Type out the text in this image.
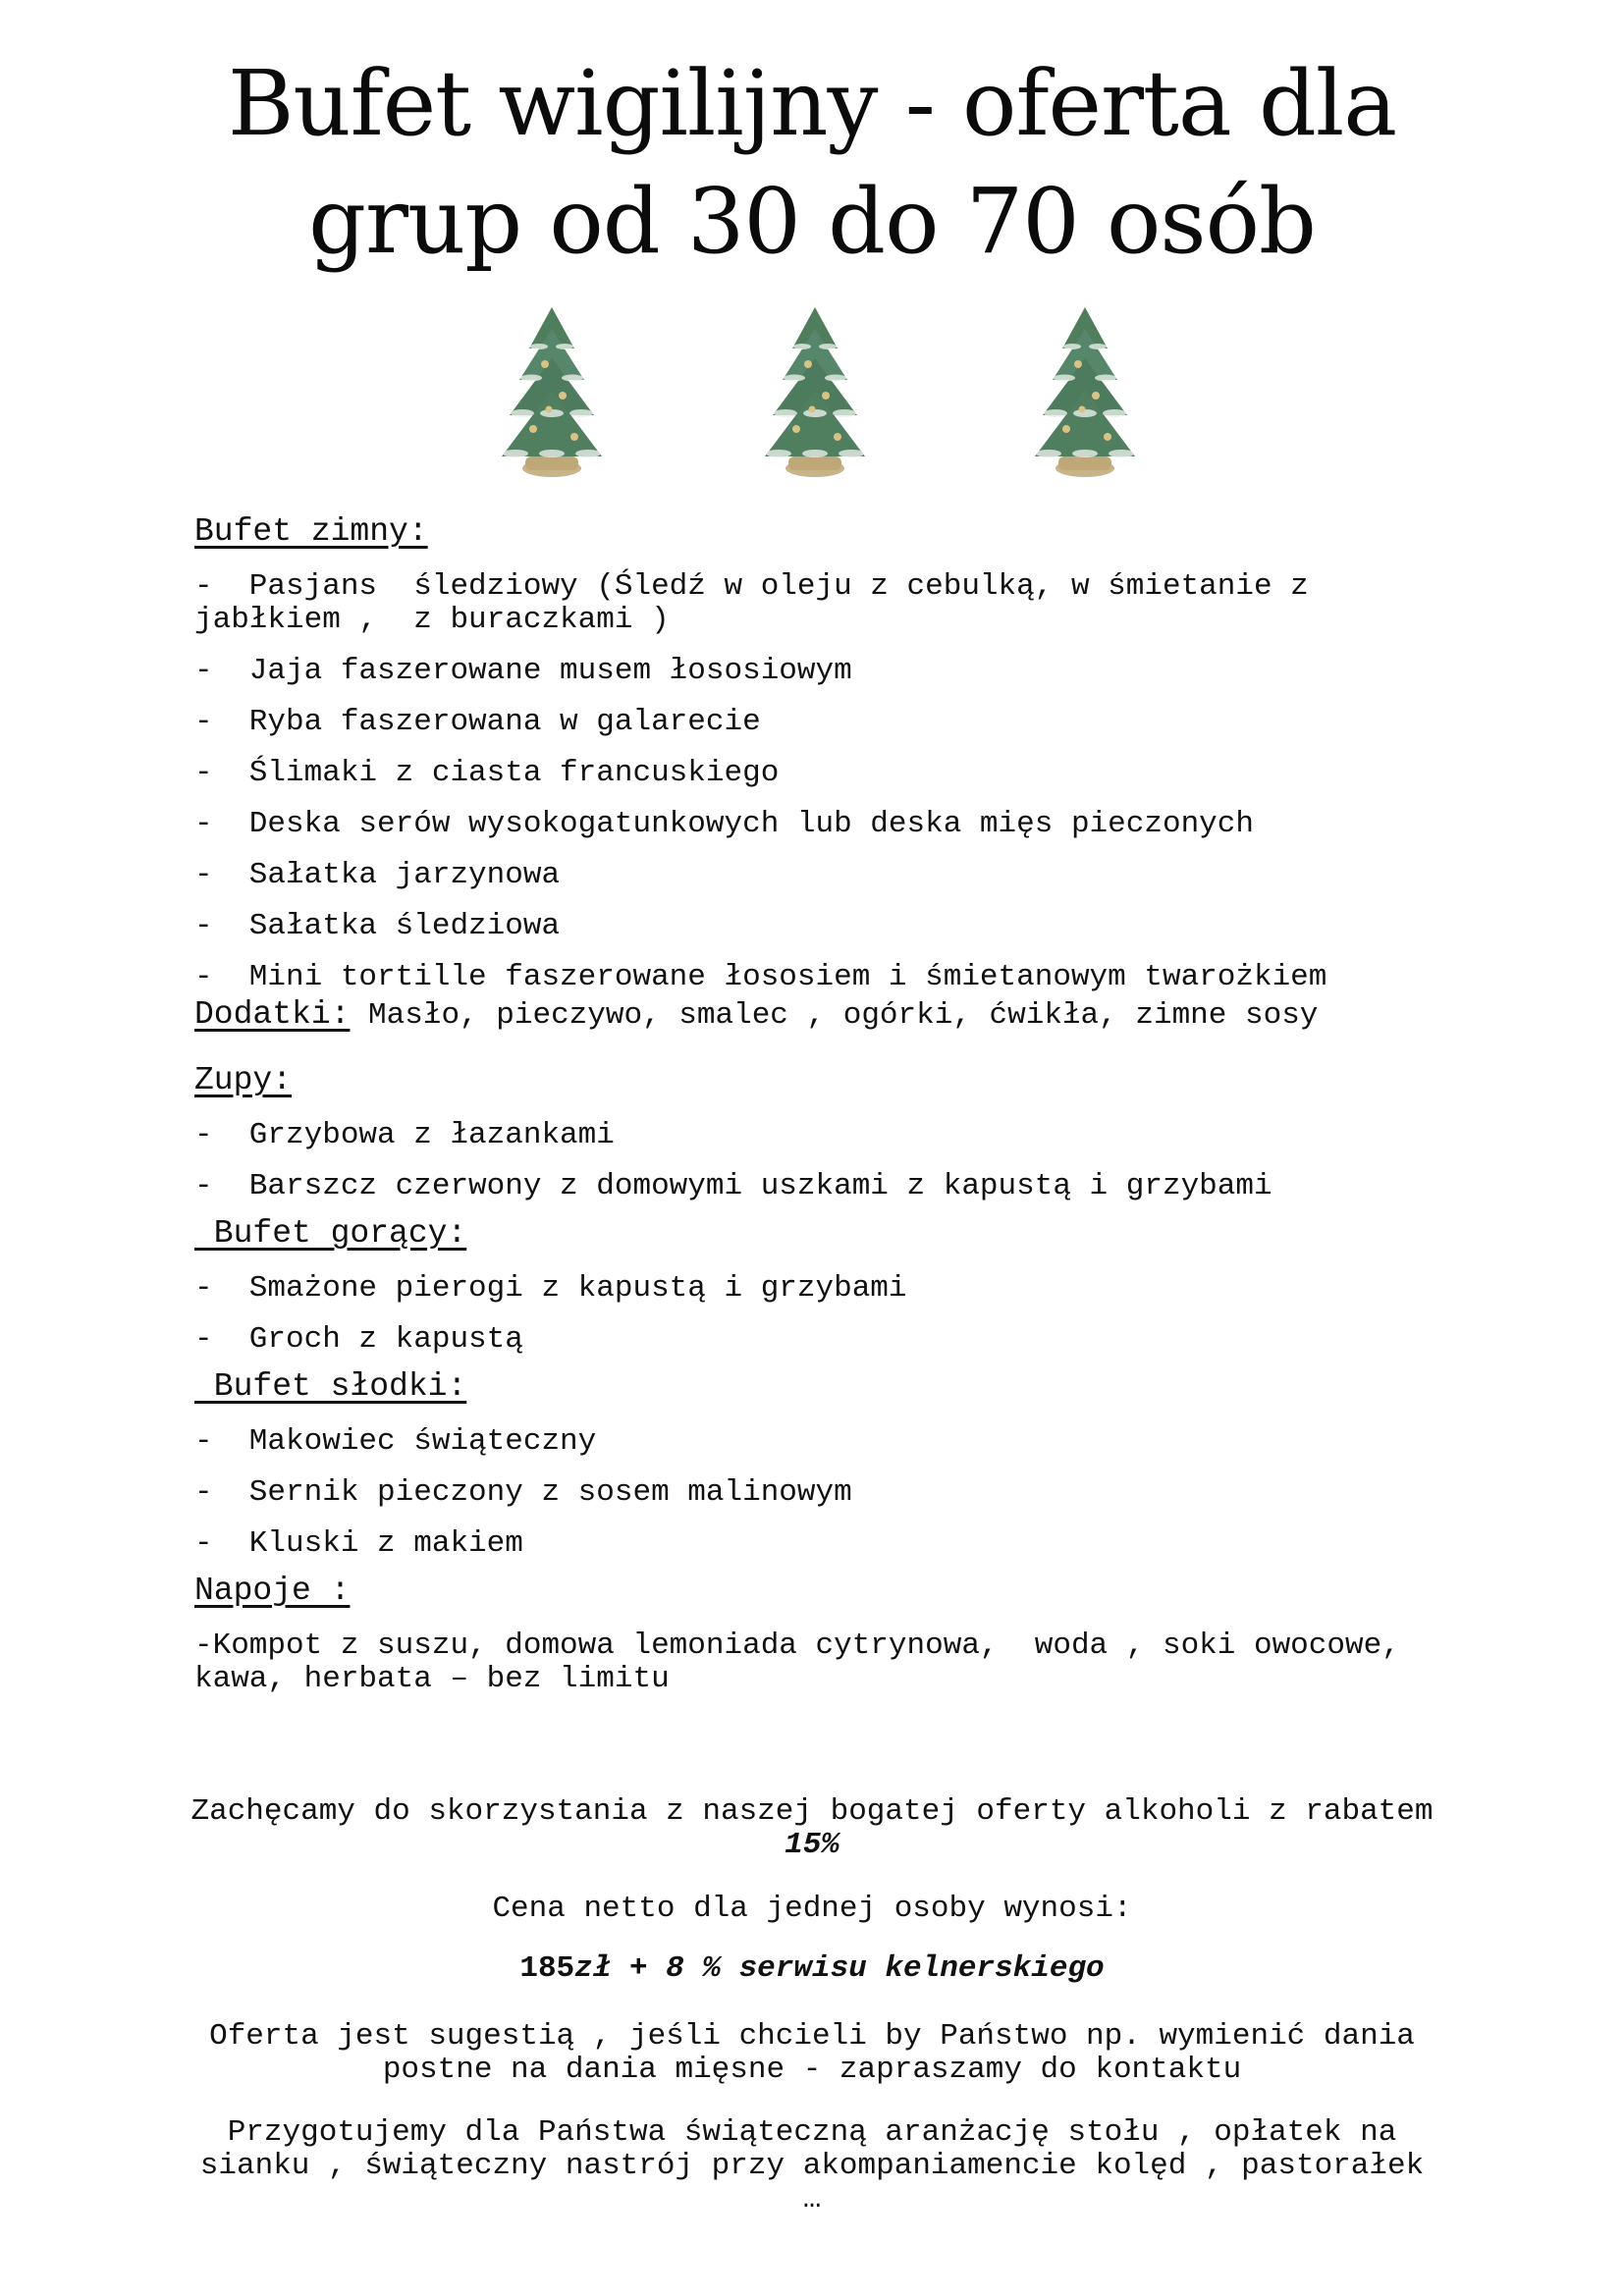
Bufet wigilijny - oferta dla
grup od 30 do 70 osób
Bufet zimny:
-  Pasjans  śledziowy (Śledź w oleju z cebulką, w śmietanie z jabłkiem ,  z buraczkami )
-  Jaja faszerowane musem łososiowym
-  Ryba faszerowana w galarecie
-  Ślimaki z ciasta francuskiego
-  Deska serów wysokogatunkowych lub deska mięs pieczonych
-  Sałatka jarzynowa
-  Sałatka śledziowa
-  Mini tortille faszerowane łososiem i śmietanowym twarożkiem
Dodatki: Masło, pieczywo, smalec , ogórki, ćwikła, zimne sosy
Zupy:
-  Grzybowa z łazankami
-  Barszcz czerwony z domowymi uszkami z kapustą i grzybami
Bufet gorący:
-  Smażone pierogi z kapustą i grzybami
-  Groch z kapustą
Bufet słodki:
-  Makowiec świąteczny
-  Sernik pieczony z sosem malinowym
-  Kluski z makiem
Napoje :
-Kompot z suszu, domowa lemoniada cytrynowa,  woda , soki owocowe, kawa, herbata – bez limitu
Zachęcamy do skorzystania z naszej bogatej oferty alkoholi z rabatem
15%
Cena netto dla jednej osoby wynosi:
185zł + 8 % serwisu kelnerskiego
Oferta jest sugestią , jeśli chcieli by Państwo np. wymienić dania postne na dania mięsne - zapraszamy do kontaktu
Przygotujemy dla Państwa świąteczną aranżację stołu , opłatek na sianku , świąteczny nastrój przy akompaniamencie kolęd , pastorałek …
